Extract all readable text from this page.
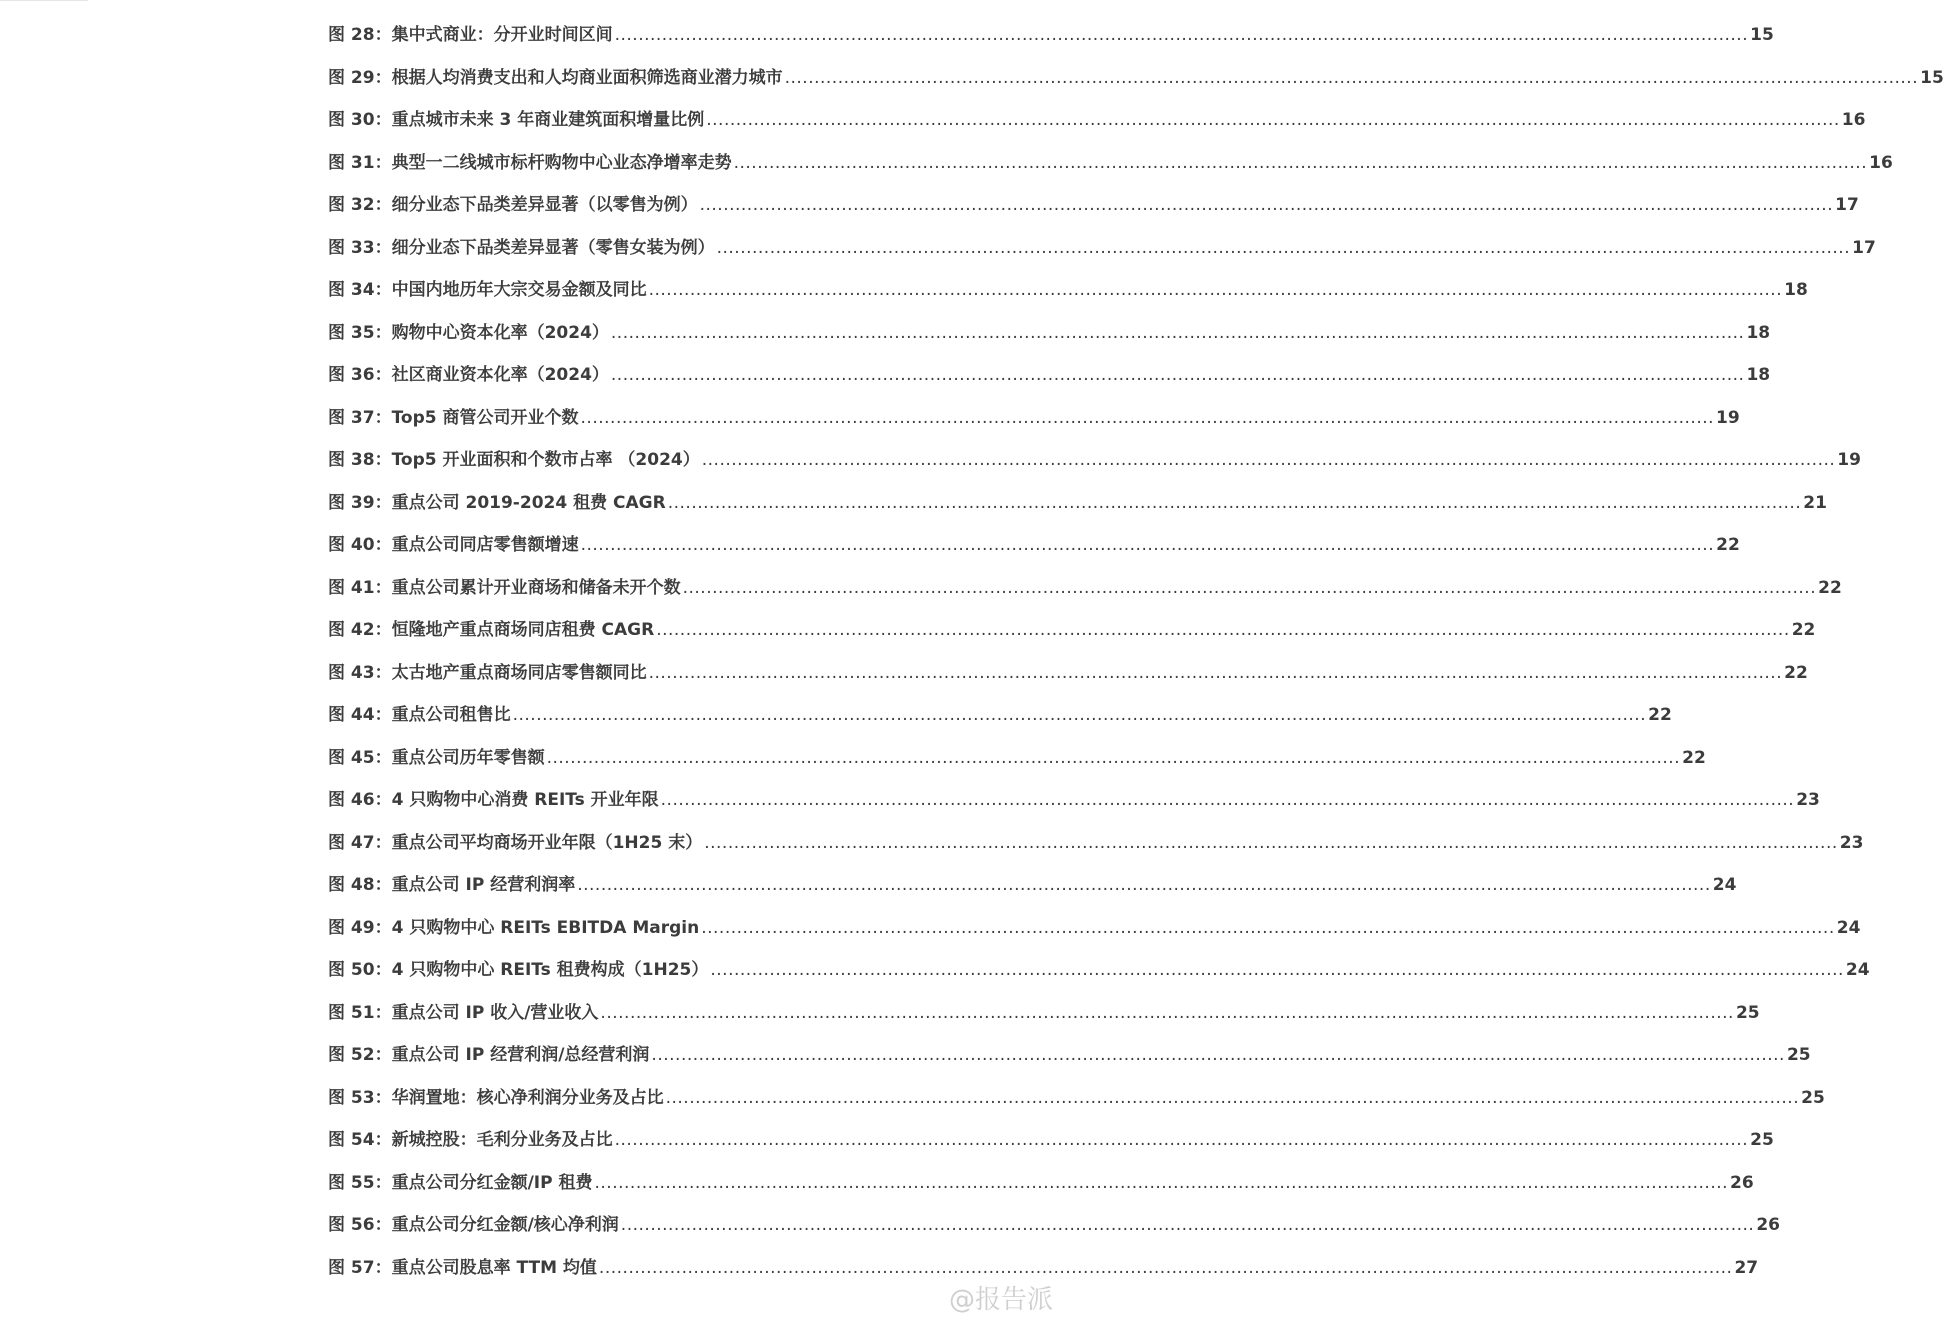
图 28： 集中式商业：分开业时间区间 .....	15
图 29： 根据人均消费支出和人均商业面积筛选商业潜力城市 .....	15
图 30： 重点城市未来 3 年商业建筑面积增量比例 .....	16
图 31： 典型一二线城市标杆购物中心业态净增率走势 .....	16
图 32： 细分业态下品类差异显著（以零售为例） .....	17
图 33： 细分业态下品类差异显著（零售女装为例） .....	17
图 34： 中国内地历年大宗交易金额及同比 .....	18
图 35： 购物中心资本化率（2024） .....	18
图 36： 社区商业资本化率（2024） .....	18
图 37： Top5 商管公司开业个数 .....	19
图 38： Top5 开业面积和个数市占率 （2024） .....	19
图 39： 重点公司 2019-2024 租费 CAGR .....	21
图 40： 重点公司同店零售额增速 .....	22
图 41： 重点公司累计开业商场和储备未开个数 .....	22
图 42： 恒隆地产重点商场同店租费 CAGR .....	22
图 43： 太古地产重点商场同店零售额同比 .....	22
图 44： 重点公司租售比 .....	22
图 45： 重点公司历年零售额 .....	22
图 46： 4 只购物中心消费 REITs 开业年限 .....	23
图 47： 重点公司平均商场开业年限（1H25 末） .....	23
图 48： 重点公司 IP 经营利润率 .....	24
图 49： 4 只购物中心 REITs EBITDA Margin .....	24
图 50： 4 只购物中心 REITs 租费构成（1H25） .....	24
图 51： 重点公司 IP 收入/营业收入 .....	25
图 52： 重点公司 IP 经营利润/总经营利润 .....	25
图 53： 华润置地：核心净利润分业务及占比 .....	25
图 54： 新城控股：毛利分业务及占比 .....	25
图 55： 重点公司分红金额/IP 租费 .....	26
图 56： 重点公司分红金额/核心净利润 .....	26
图 57： 重点公司股息率 TTM 均值 .....	27
@报告派
